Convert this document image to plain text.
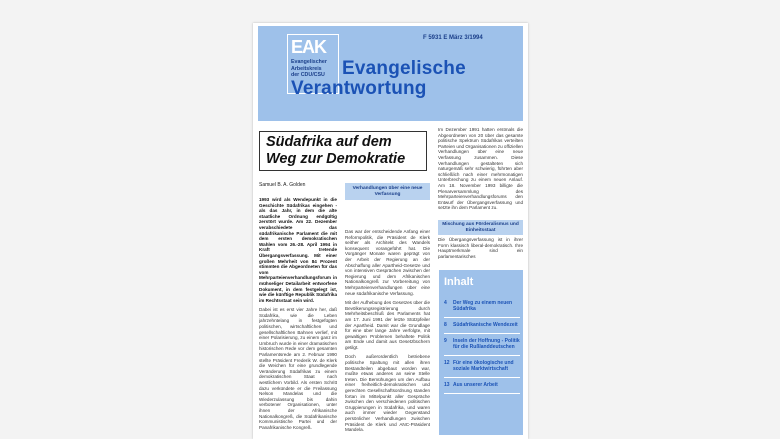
EAK
Evangelischer
Arbeitskreis
der CDU/CSU
F 5931 E März 3/1994
Evangelische
Verantwortung
Südafrika auf dem
Weg zur Demokratie
Samuel B. A. Golden

1993 wird als Wendepunkt in die Geschichte Südafrikas eingehen - als das Jahr, in dem die alte staatliche Ordnung endgültig zerstört wurde. Am 22. Dezember verabschiedete das südafrikanische Parlament die mit dem ersten demokratischen Wahlen vom 26.-28. April 1994 in Kraft tretende Übergangsverfassung. Mit einer großen Mehrheit von 84 Prozent stimmten die Abgeordneten für das vom Mehrparteienverhandlungsforum in mühseliger Detailarbeit entworfene Dokument, in dem festgelegt ist, wie die künftige Republik Südafrika im Rechtsstaat sein wird.

Dabei ist es erst vier Jahre her, daß Südafrika, wie die Leben jahrzehntelang in festgefügten politischen, wirtschaftlichen und gesellschaftlichen Bahnen verlief, mit einer Polarisierung, zu einem ganz im Umbruch wurde in einer dramatischen historischen Rede vor dem gesamten Parlamentsrede am 2. Februar 1990 stellte Präsident Frederik W. de Klerk die Weichen für eine grundlegende Veränderung Südafrikas zu einem demokratischen Staat nach westlichem Vorbild. Als ersten Schritt dazu verkündete er die Freilassung Nelson Mandelas und die Wiederzulassung bis dahin verbotener Organisationen, unter ihnen der Afrikanische Nationalkongreß, die Südafrikanische Kommunistische Partei und der Panafrikanische Kongreß.

Verhandlungen über eine neue Verfassung

Das war der entscheidende Anfang einer Reformpolitik, die Präsident de Klerk seither als Architekt des Wandels konsequent vorangeführt hat. Die Vorgänger Monate waren geprägt von der Arbeit der Regierung an der Abschaffung aller Apartheid-Gesetze und von intensiven Gesprächen zwischen der Regierung und dem Afrikanischen Nationalkongreß zur Vorbereitung von Mehrparteienverhandlungen über eine neue südafrikanische Verfassung.

Mit der Aufhebung des Gesetzes über die Bevölkerungsregistrierung durch Mehrheitsbeschluß des Parlaments hat am 17. Juni 1991 der letzte Stützpfeiler der Apartheid. Damit war die Grundlage für eine über lange Jahre verfolgte, mit gewaltigen Problemen behaftete Politik am Ende und damit aus Gesetzbüchern getilgt.

Doch außerordentlich betriebene politische Spaltung mit allen ihren Bestandteilen abgebaut worden war, mußte etwas anderes an seine Stelle treten. Die Bemühungen um den Aufbau einer freiheitlich-demokratischen und gerechten Gesellschaftsordnung standen fortan im Mittelpunkt aller Gespräche zwischen den verschiedenen politischen Gruppierungen in Südafrika, und waren auch immer wieder Gegenstand persönlicher Verhandlungen zwischen Präsident de Klerk und ANC-Präsident Mandela.

Im Dezember 1991 hatten erstmals die Abgeordneten von 20 über das gesamte politische Spektrum Südafrikas verteilten Parteien und Organisationen zu offiziellen Verhandlungen über eine neue Verfassung zusammen. Diese Verhandlungen gestalteten sich naturgemäß sehr schwierig, führten aber schließlich nach einer mehrmonatigen Unterbrechung zu einem neuen Anlauf. Am 18. November 1993 billigte die Plenarversammlung des Mehrparteienverhandlungsforums den Entwurf der Übergangsverfassung und setzte ihn dem Parlament zu.

Mischung aus Förderalismus und Einheitsstaat

Die Übergangsverfassung ist in ihrer Form klassisch liberal-demokratisch. Ihre Hauptmerkmale sind ein parlamentarisches

Inhalt
4	Der Weg zu einem neuen Südafrika
8	Südafrikanische Wendezeit
9	Inseln der Hoffnung - Politik für die Rußlanddeutschen
12 Für eine ökologische und soziale Marktwirtschaft
13 Aus unserer Arbeit
